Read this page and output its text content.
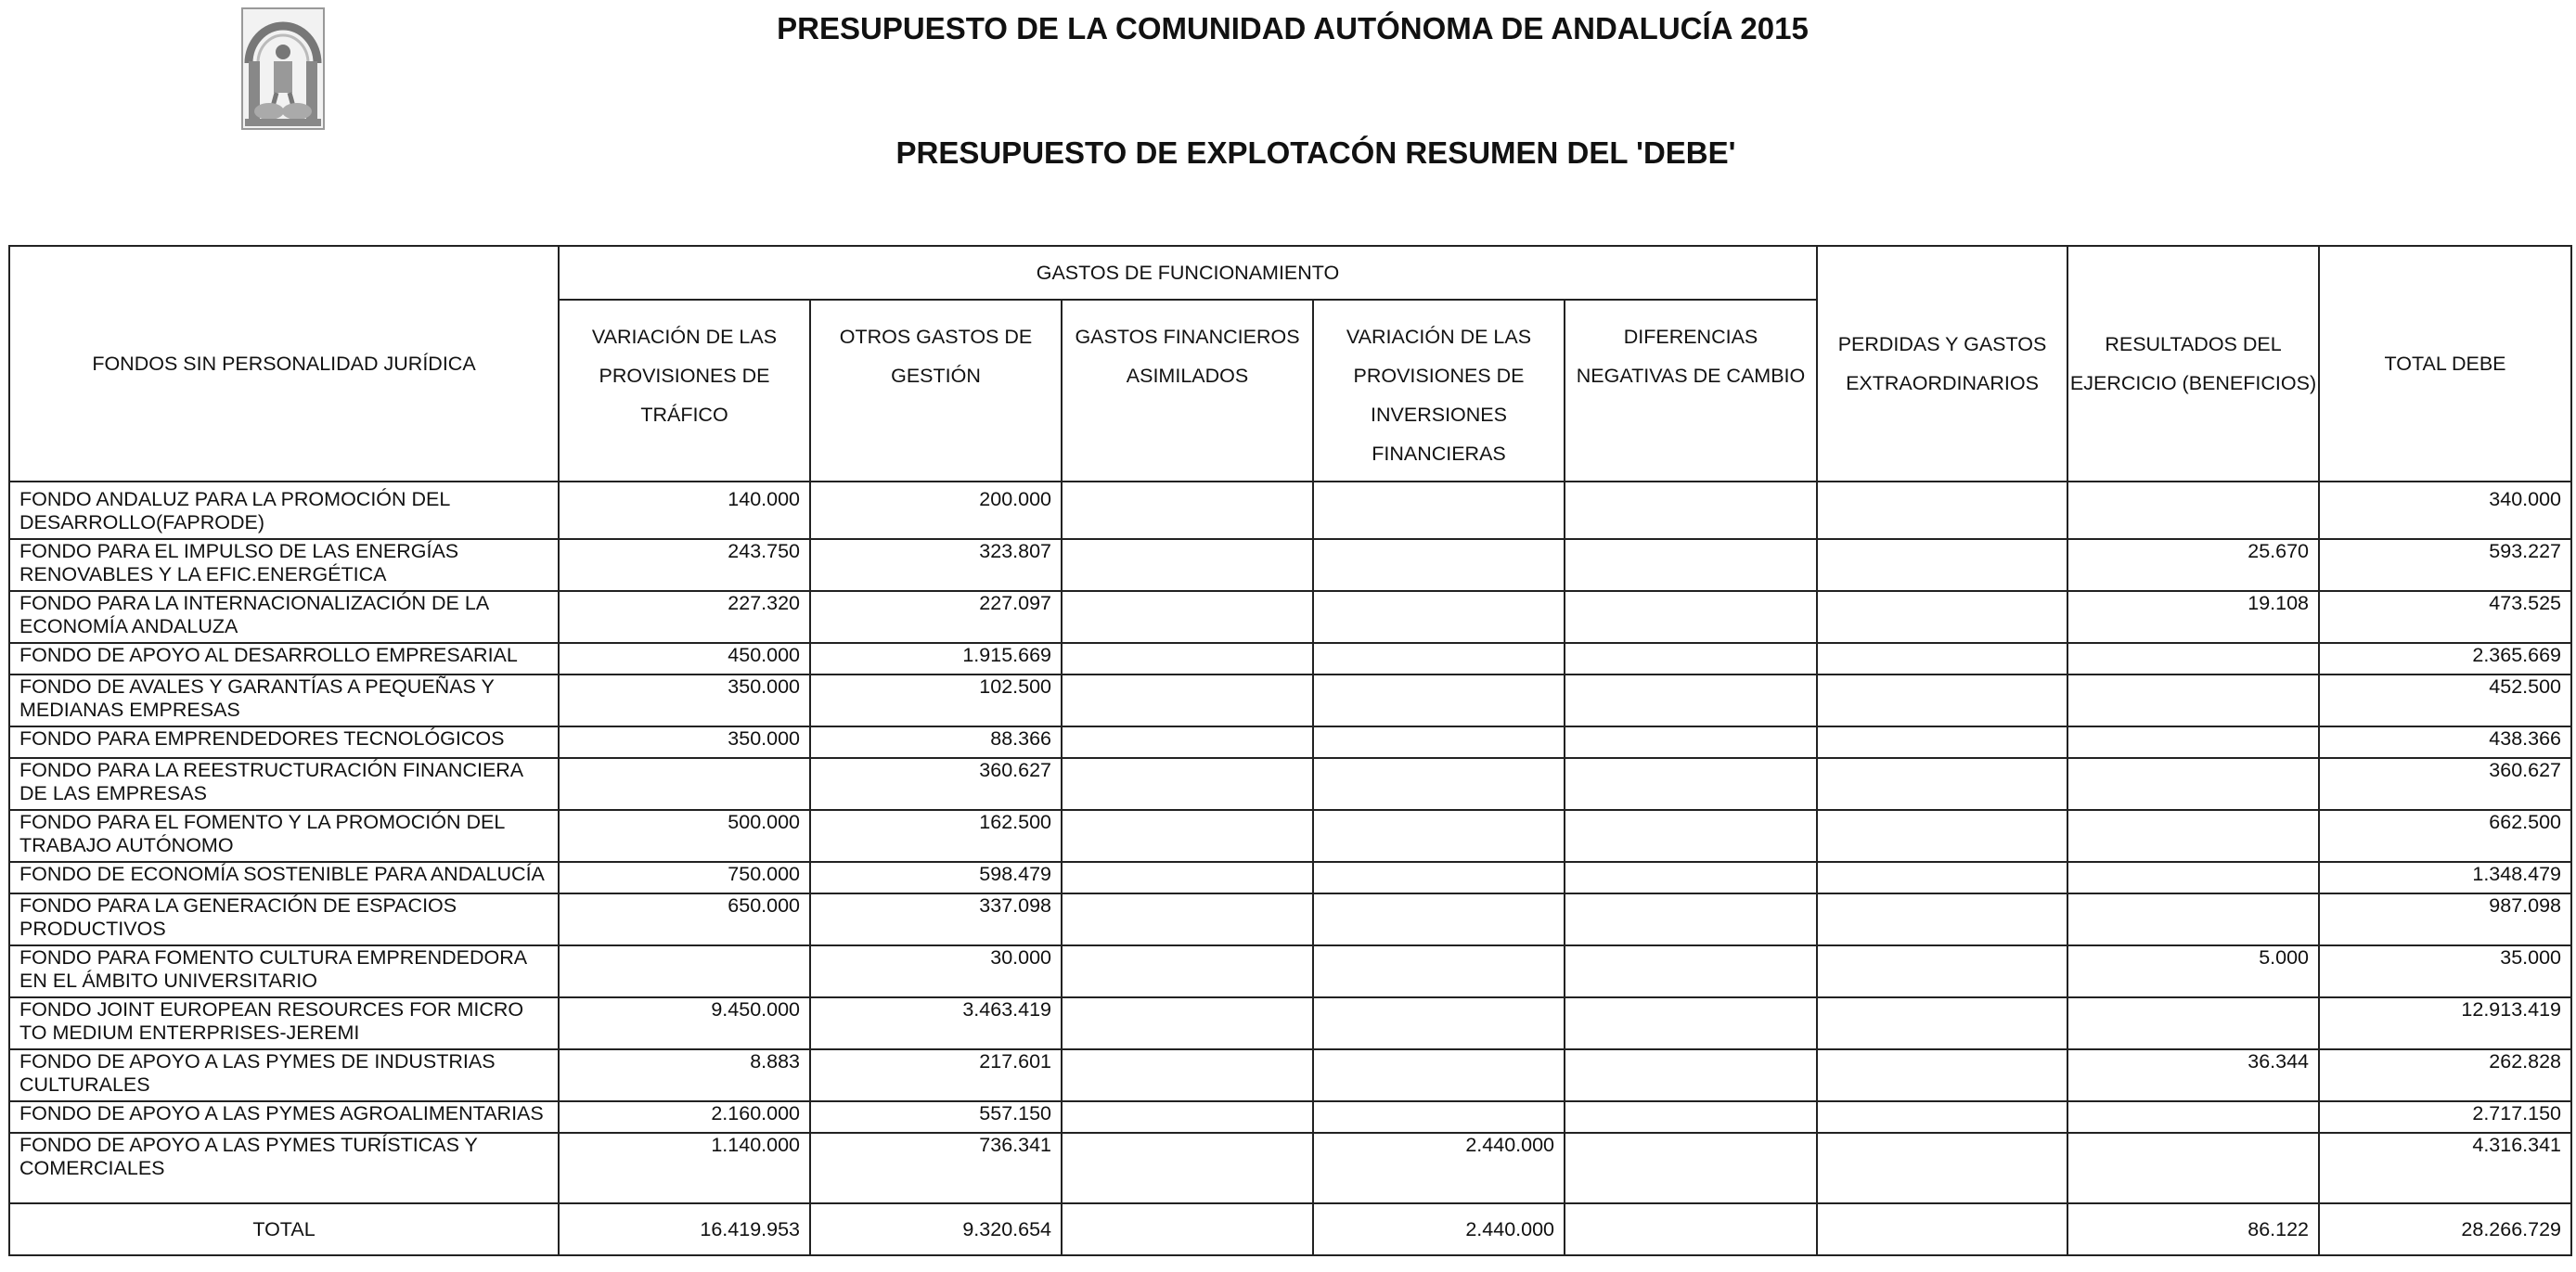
PRESUPUESTO DE LA COMUNIDAD AUTÓNOMA DE ANDALUCÍA 2015
PRESUPUESTO DE EXPLOTACÓN RESUMEN DEL 'DEBE'
FONDOS SIN PERSONALIDAD JURÍDICA	GASTOS DE FUNCIONAMIENTO					PERDIDAS Y GASTOS EXTRAORDINARIOS	RESULTADOS DEL EJERCICIO (BENEFICIOS)	TOTAL DEBE
	VARIACIÓN DE LAS PROVISIONES DE TRÁFICO	OTROS GASTOS DE GESTIÓN	GASTOS FINANCIEROS ASIMILADOS	VARIACIÓN DE LAS PROVISIONES DE INVERSIONES FINANCIERAS	DIFERENCIAS NEGATIVAS DE CAMBIO			
FONDO ANDALUZ PARA LA PROMOCIÓN DEL DESARROLLO(FAPRODE)	140.000	200.000						340.000
FONDO PARA EL IMPULSO DE LAS ENERGÍAS RENOVABLES Y LA EFIC.ENERGÉTICA	243.750	323.807					25.670	593.227
FONDO PARA LA INTERNACIONALIZACIÓN DE LA ECONOMÍA ANDALUZA	227.320	227.097					19.108	473.525
FONDO DE APOYO AL DESARROLLO EMPRESARIAL	450.000	1.915.669						2.365.669
FONDO DE AVALES Y GARANTÍAS A PEQUEÑAS Y MEDIANAS EMPRESAS	350.000	102.500						452.500
FONDO PARA EMPRENDEDORES TECNOLÓGICOS	350.000	88.366						438.366
FONDO PARA LA REESTRUCTURACIÓN FINANCIERA DE LAS EMPRESAS		360.627						360.627
FONDO PARA EL FOMENTO Y LA PROMOCIÓN DEL TRABAJO AUTÓNOMO	500.000	162.500						662.500
FONDO DE ECONOMÍA SOSTENIBLE PARA ANDALUCÍA	750.000	598.479						1.348.479
FONDO PARA LA GENERACIÓN DE ESPACIOS PRODUCTIVOS	650.000	337.098						987.098
FONDO PARA FOMENTO CULTURA EMPRENDEDORA EN EL ÁMBITO UNIVERSITARIO		30.000					5.000	35.000
FONDO JOINT EUROPEAN RESOURCES FOR MICRO TO MEDIUM ENTERPRISES-JEREMI	9.450.000	3.463.419						12.913.419
FONDO DE APOYO A LAS PYMES DE INDUSTRIAS CULTURALES	8.883	217.601					36.344	262.828
FONDO DE APOYO A LAS PYMES AGROALIMENTARIAS	2.160.000	557.150						2.717.150
FONDO DE APOYO A LAS PYMES TURÍSTICAS Y COMERCIALES	1.140.000	736.341		2.440.000				4.316.341
TOTAL	16.419.953	9.320.654		2.440.000			86.122	28.266.729
